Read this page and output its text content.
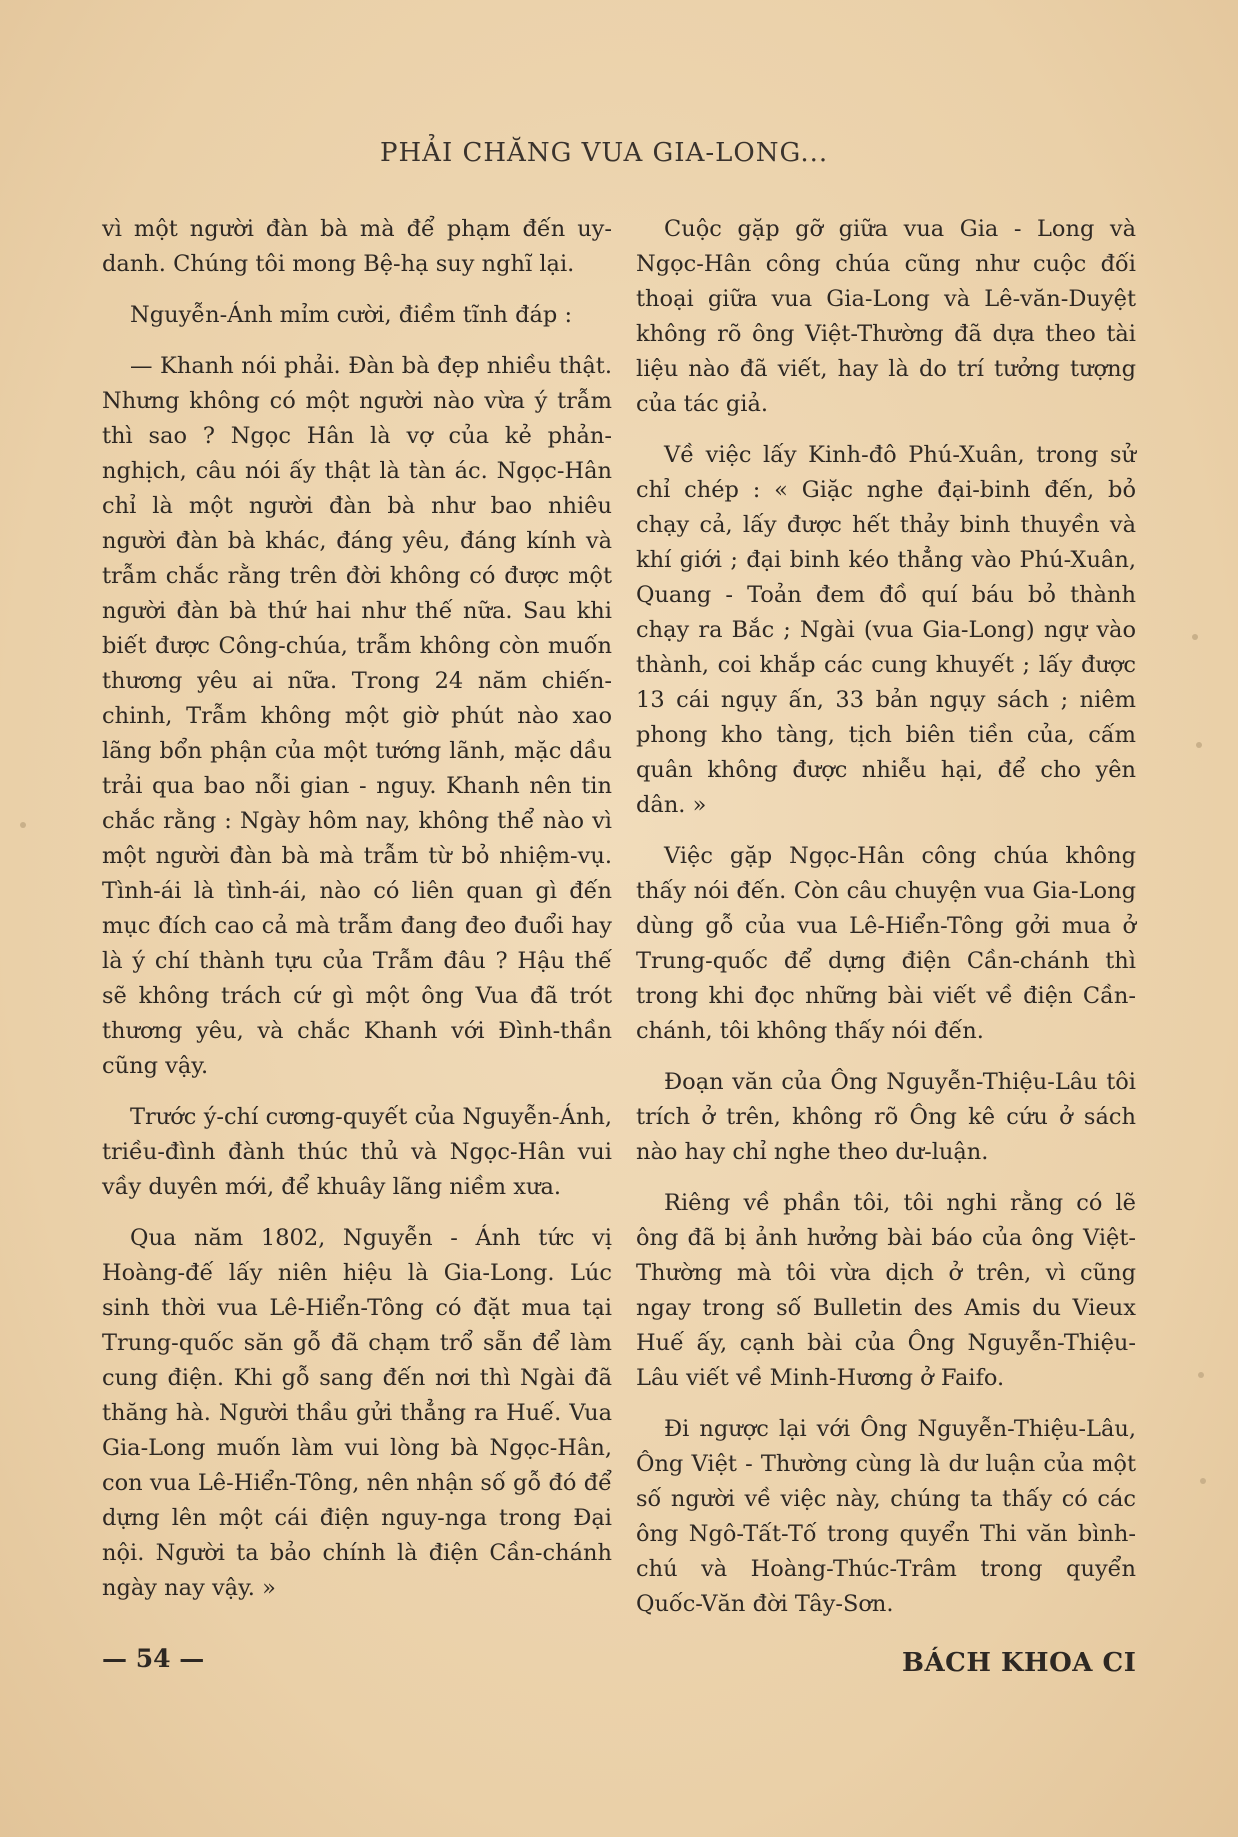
PHẢI CHĂNG VUA GIA-LONG...

vì một người đàn bà mà để phạm đến uy-danh. Chúng tôi mong Bệ-hạ suy nghĩ lại.

Nguyễn-Ánh mỉm cười, điềm tĩnh đáp :

— Khanh nói phải. Đàn bà đẹp nhiều thật. Nhưng không có một người nào vừa ý trẫm thì sao ? Ngọc Hân là vợ của kẻ phản-nghịch, câu nói ấy thật là tàn ác. Ngọc-Hân chỉ là một người đàn bà như bao nhiêu người đàn bà khác, đáng yêu, đáng kính và trẫm chắc rằng trên đời không có được một người đàn bà thứ hai như thế nữa. Sau khi biết được Công-chúa, trẫm không còn muốn thương yêu ai nữa. Trong 24 năm chiến-chinh, Trẫm không một giờ phút nào xao lãng bổn phận của một tướng lãnh, mặc dầu trải qua bao nỗi gian - nguy. Khanh nên tin chắc rằng : Ngày hôm nay, không thể nào vì một người đàn bà mà trẫm từ bỏ nhiệm-vụ. Tình-ái là tình-ái, nào có liên quan gì đến mục đích cao cả mà trẫm đang đeo đuổi hay là ý chí thành tựu của Trẫm đâu ? Hậu thế sẽ không trách cứ gì một ông Vua đã trót thương yêu, và chắc Khanh với Đình-thần cũng vậy.

Trước ý-chí cương-quyết của Nguyễn-Ánh, triều-đình đành thúc thủ và Ngọc-Hân vui vầy duyên mới, để khuây lãng niềm xưa.

Qua năm 1802, Nguyễn - Ánh tức vị Hoàng-đế lấy niên hiệu là Gia-Long. Lúc sinh thời vua Lê-Hiển-Tông có đặt mua tại Trung-quốc săn gỗ đã chạm trổ sẵn để làm cung điện. Khi gỗ sang đến nơi thì Ngài đã thăng hà. Người thầu gửi thẳng ra Huế. Vua Gia-Long muốn làm vui lòng bà Ngọc-Hân, con vua Lê-Hiển-Tông, nên nhận số gỗ đó để dựng lên một cái điện nguy-nga trong Đại nội. Người ta bảo chính là điện Cần-chánh ngày nay vậy. »

Cuộc gặp gỡ giữa vua Gia - Long và Ngọc-Hân công chúa cũng như cuộc đối thoại giữa vua Gia-Long và Lê-văn-Duyệt không rõ ông Việt-Thường đã dựa theo tài liệu nào đã viết, hay là do trí tưởng tượng của tác giả.

Về việc lấy Kinh-đô Phú-Xuân, trong sử chỉ chép : « Giặc nghe đại-binh đến, bỏ chạy cả, lấy được hết thảy binh thuyền và khí giới ; đại binh kéo thẳng vào Phú-Xuân, Quang - Toản đem đồ quí báu bỏ thành chạy ra Bắc ; Ngài (vua Gia-Long) ngự vào thành, coi khắp các cung khuyết ; lấy được 13 cái ngụy ấn, 33 bản ngụy sách ; niêm phong kho tàng, tịch biên tiền của, cấm quân không được nhiễu hại, để cho yên dân. »

Việc gặp Ngọc-Hân công chúa không thấy nói đến. Còn câu chuyện vua Gia-Long dùng gỗ của vua Lê-Hiển-Tông gởi mua ở Trung-quốc để dựng điện Cần-chánh thì trong khi đọc những bài viết về điện Cần-chánh, tôi không thấy nói đến.

Đoạn văn của Ông Nguyễn-Thiệu-Lâu tôi trích ở trên, không rõ Ông kê cứu ở sách nào hay chỉ nghe theo dư-luận.

Riêng về phần tôi, tôi nghi rằng có lẽ ông đã bị ảnh hưởng bài báo của ông Việt-Thường mà tôi vừa dịch ở trên, vì cũng ngay trong số Bulletin des Amis du Vieux Huế ấy, cạnh bài của Ông Nguyễn-Thiệu-Lâu viết về Minh-Hương ở Faifo.

Đi ngược lại với Ông Nguyễn-Thiệu-Lâu, Ông Việt - Thường cùng là dư luận của một số người về việc này, chúng ta thấy có các ông Ngô-Tất-Tố trong quyển Thi văn bình-chú và Hoàng-Thúc-Trâm trong quyển Quốc-Văn đời Tây-Sơn.

— 54 —	BÁCH KHOA CI
